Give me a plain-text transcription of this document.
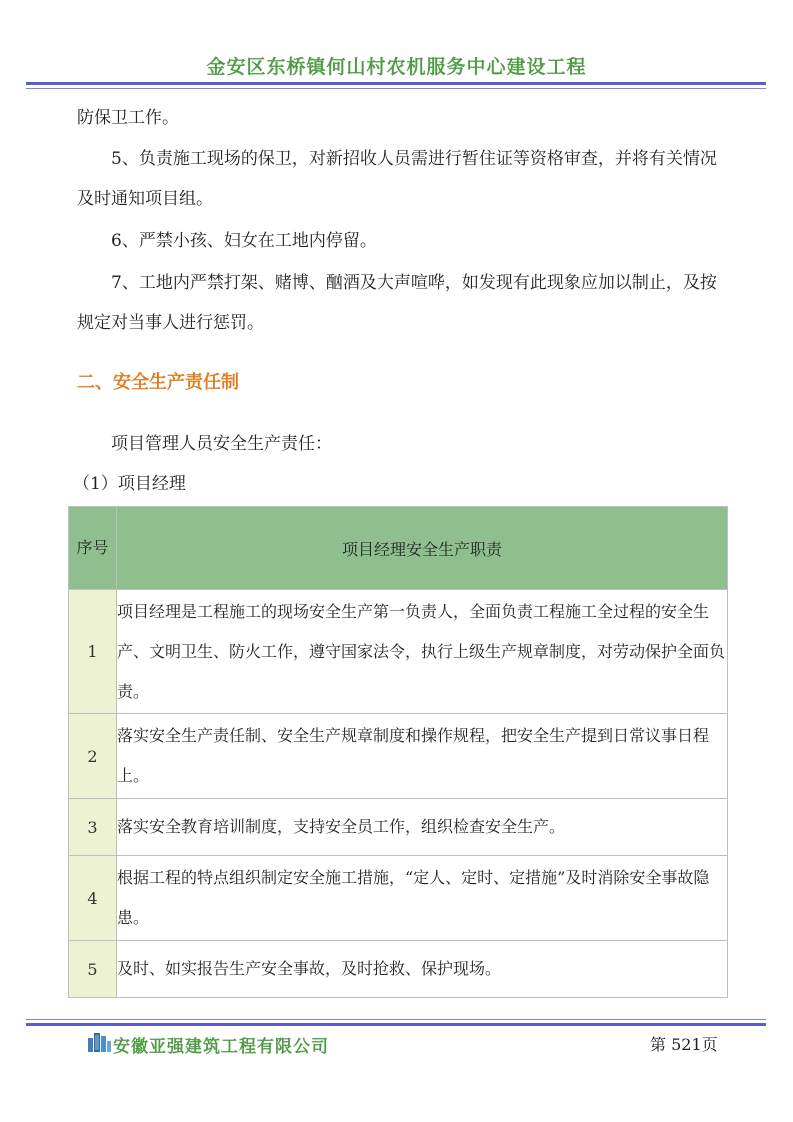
金安区东桥镇何山村农机服务中心建设工程

防保卫工作。

5、负责施工现场的保卫，对新招收人员需进行暂住证等资格审查，并将有关情况及时通知项目组。

6、严禁小孩、妇女在工地内停留。

7、工地内严禁打架、赌博、酗酒及大声喧哗，如发现有此现象应加以制止，及按规定对当事人进行惩罚。

二、安全生产责任制

项目管理人员安全生产责任：

（1）项目经理

序号	项目经理安全生产职责
1	项目经理是工程施工的现场安全生产第一负责人，全面负责工程施工全过程的安全生产、文明卫生、防火工作，遵守国家法令，执行上级生产规章制度，对劳动保护全面负责。
2	落实安全生产责任制、安全生产规章制度和操作规程，把安全生产提到日常议事日程上。
3	落实安全教育培训制度，支持安全员工作，组织检查安全生产。
4	根据工程的特点组织制定安全施工措施，“定人、定时、定措施”及时消除安全事故隐患。
5	及时、如实报告生产安全事故，及时抢救、保护现场。
安徽亚强建筑工程有限公司	第 521页
